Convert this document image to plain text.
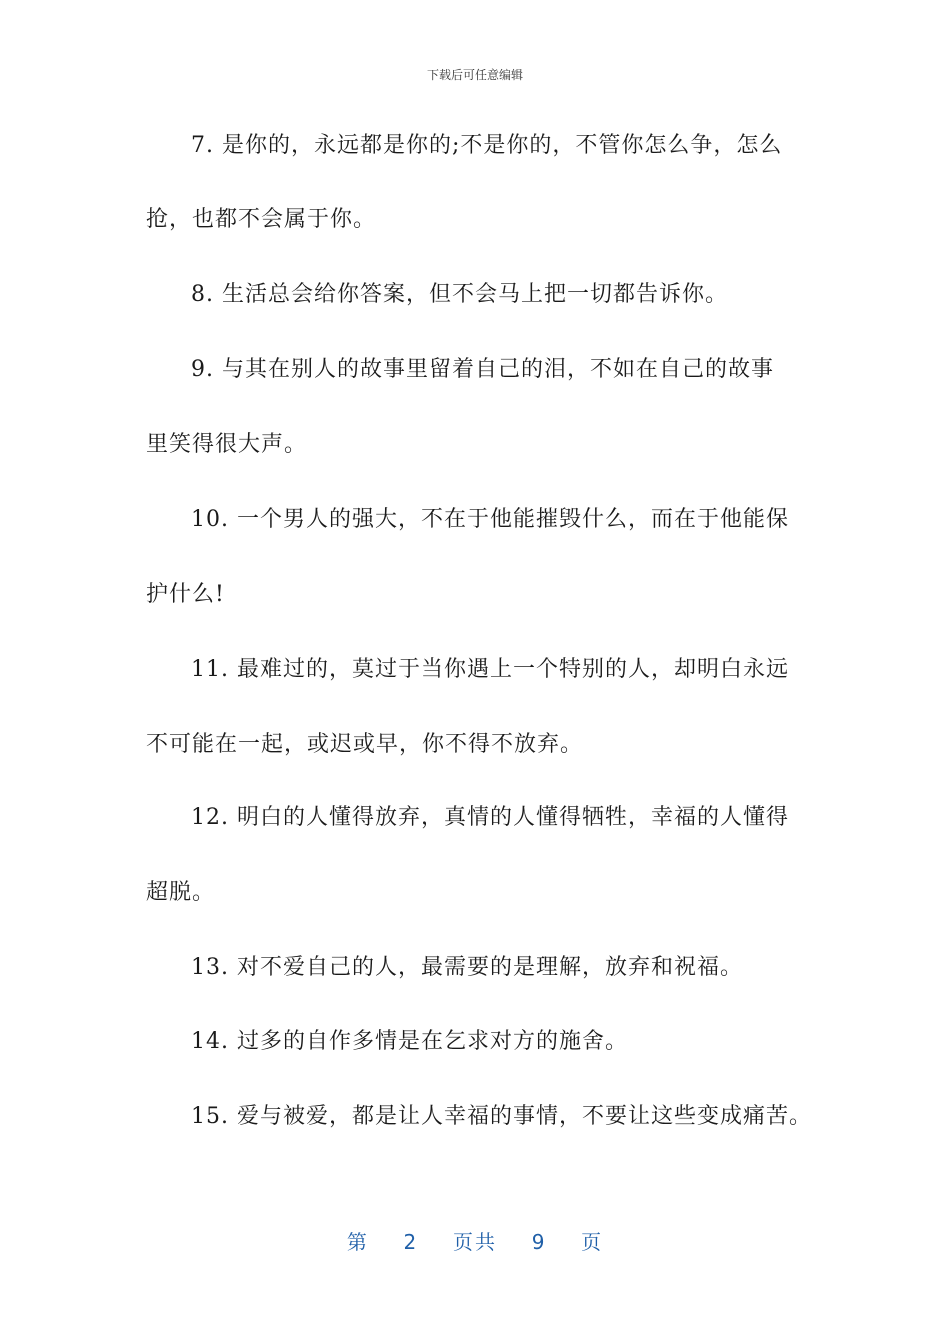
下载后可任意编辑
7. 是你的，永远都是你的;不是你的，不管你怎么争，怎么
抢，也都不会属于你。
8. 生活总会给你答案，但不会马上把一切都告诉你。
9. 与其在别人的故事里留着自己的泪，不如在自己的故事
里笑得很大声。
10. 一个男人的强大，不在于他能摧毁什么，而在于他能保
护什么!
11. 最难过的，莫过于当你遇上一个特别的人，却明白永远
不可能在一起，或迟或早，你不得不放弃。
12. 明白的人懂得放弃，真情的人懂得牺牲，幸福的人懂得
超脱。
13. 对不爱自己的人，最需要的是理解，放弃和祝福。
14. 过多的自作多情是在乞求对方的施舍。
15. 爱与被爱，都是让人幸福的事情，不要让这些变成痛苦。
第 2 页共 9 页
